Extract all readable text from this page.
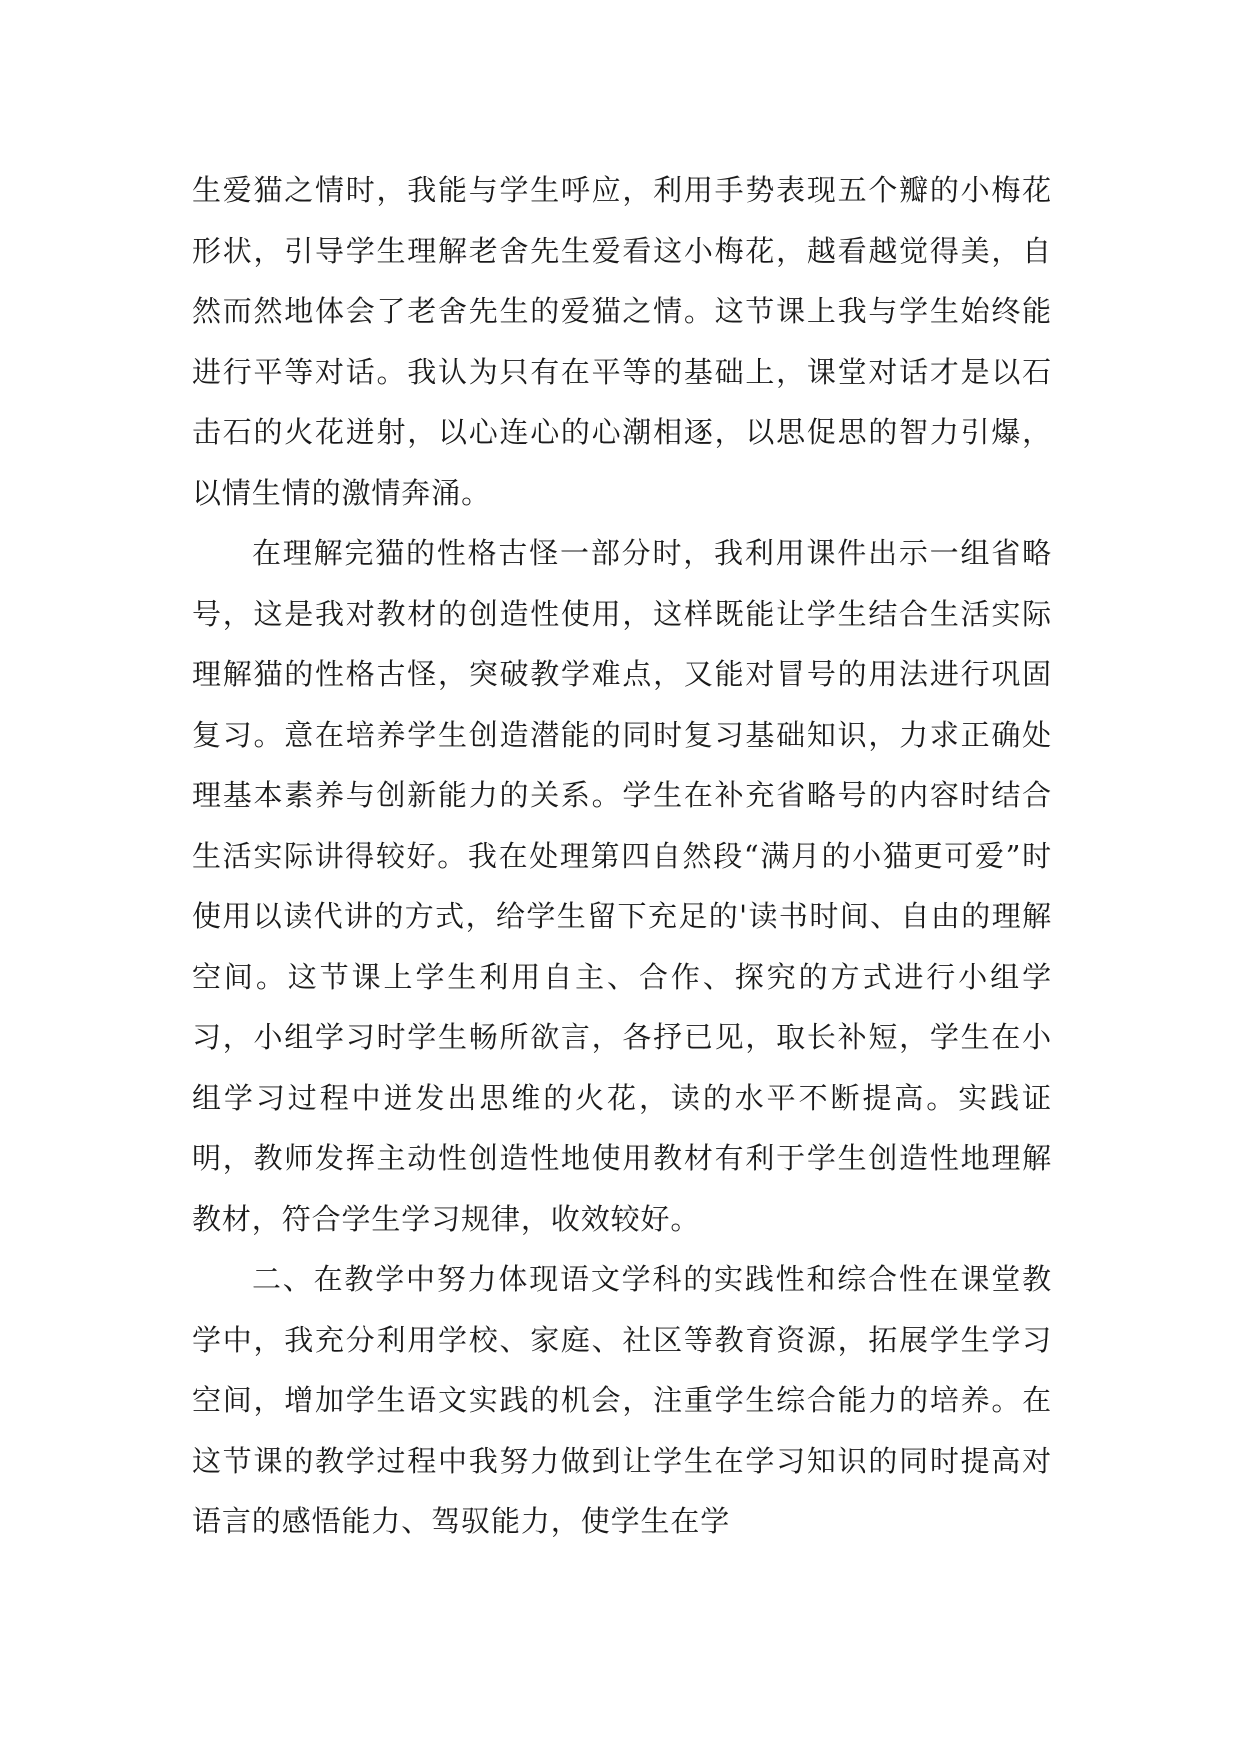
生爱猫之情时，我能与学生呼应，利用手势表现五个瓣的小梅花形状，引导学生理解老舍先生爱看这小梅花，越看越觉得美，自然而然地体会了老舍先生的爱猫之情。这节课上我与学生始终能进行平等对话。我认为只有在平等的基础上，课堂对话才是以石击石的火花迸射，以心连心的心潮相逐，以思促思的智力引爆，以情生情的激情奔涌。

在理解完猫的性格古怪一部分时，我利用课件出示一组省略号，这是我对教材的创造性使用，这样既能让学生结合生活实际理解猫的性格古怪，突破教学难点，又能对冒号的用法进行巩固复习。意在培养学生创造潜能的同时复习基础知识，力求正确处理基本素养与创新能力的关系。学生在补充省略号的内容时结合生活实际讲得较好。我在处理第四自然段“满月的小猫更可爱”时使用以读代讲的方式，给学生留下充足的'读书时间、自由的理解空间。这节课上学生利用自主、合作、探究的方式进行小组学习，小组学习时学生畅所欲言，各抒已见，取长补短，学生在小组学习过程中迸发出思维的火花，读的水平不断提高。实践证明，教师发挥主动性创造性地使用教材有利于学生创造性地理解教材，符合学生学习规律，收效较好。

二、在教学中努力体现语文学科的实践性和综合性在课堂教学中，我充分利用学校、家庭、社区等教育资源，拓展学生学习空间，增加学生语文实践的机会，注重学生综合能力的培养。在这节课的教学过程中我努力做到让学生在学习知识的同时提高对语言的感悟能力、驾驭能力，使学生在学
